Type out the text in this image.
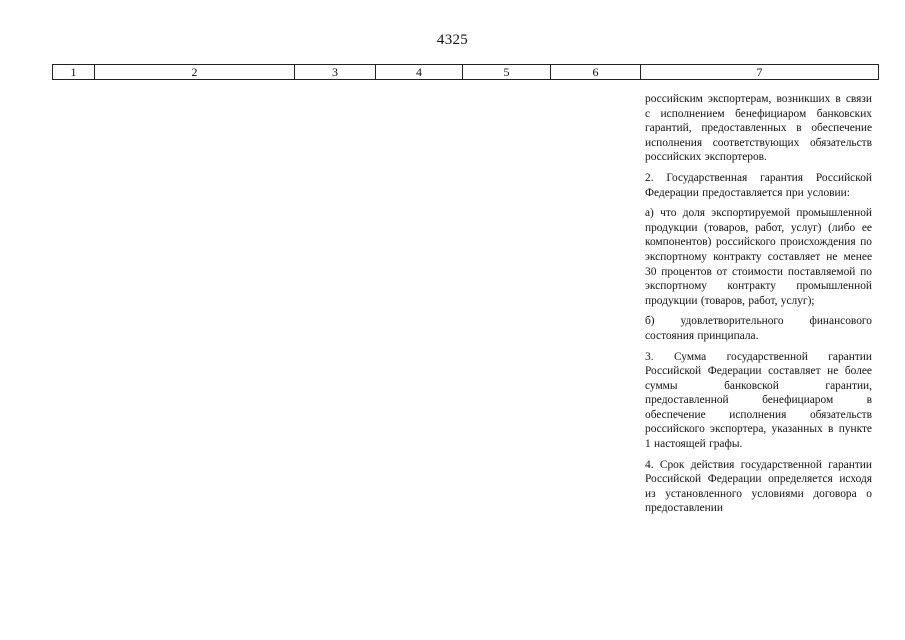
4325
1	2	3	4	5	6	7

российским экспортерам, возникших в связи с исполнением бенефициаром банковских гарантий, предоставленных в обеспечение исполнения соответствующих обязательств российских экспортеров.

2. Государственная гарантия Российской Федерации предоставляется при условии:

а) что доля экспортируемой промышленной продукции (товаров, работ, услуг) (либо ее компонентов) российского происхождения по экспортному контракту составляет не менее 30 процентов от стоимости поставляемой по экспортному контракту промышленной продукции (товаров, работ, услуг);

б) удовлетворительного финансового состояния принципала.

3. Сумма государственной гарантии Российской Федерации составляет не более суммы банковской гарантии, предоставленной бенефициаром в обеспечение исполнения обязательств российского экспортера, указанных в пункте 1 настоящей графы.

4. Срок действия государственной гарантии Российской Федерации определяется исходя из установленного условиями договора о предоставлении
